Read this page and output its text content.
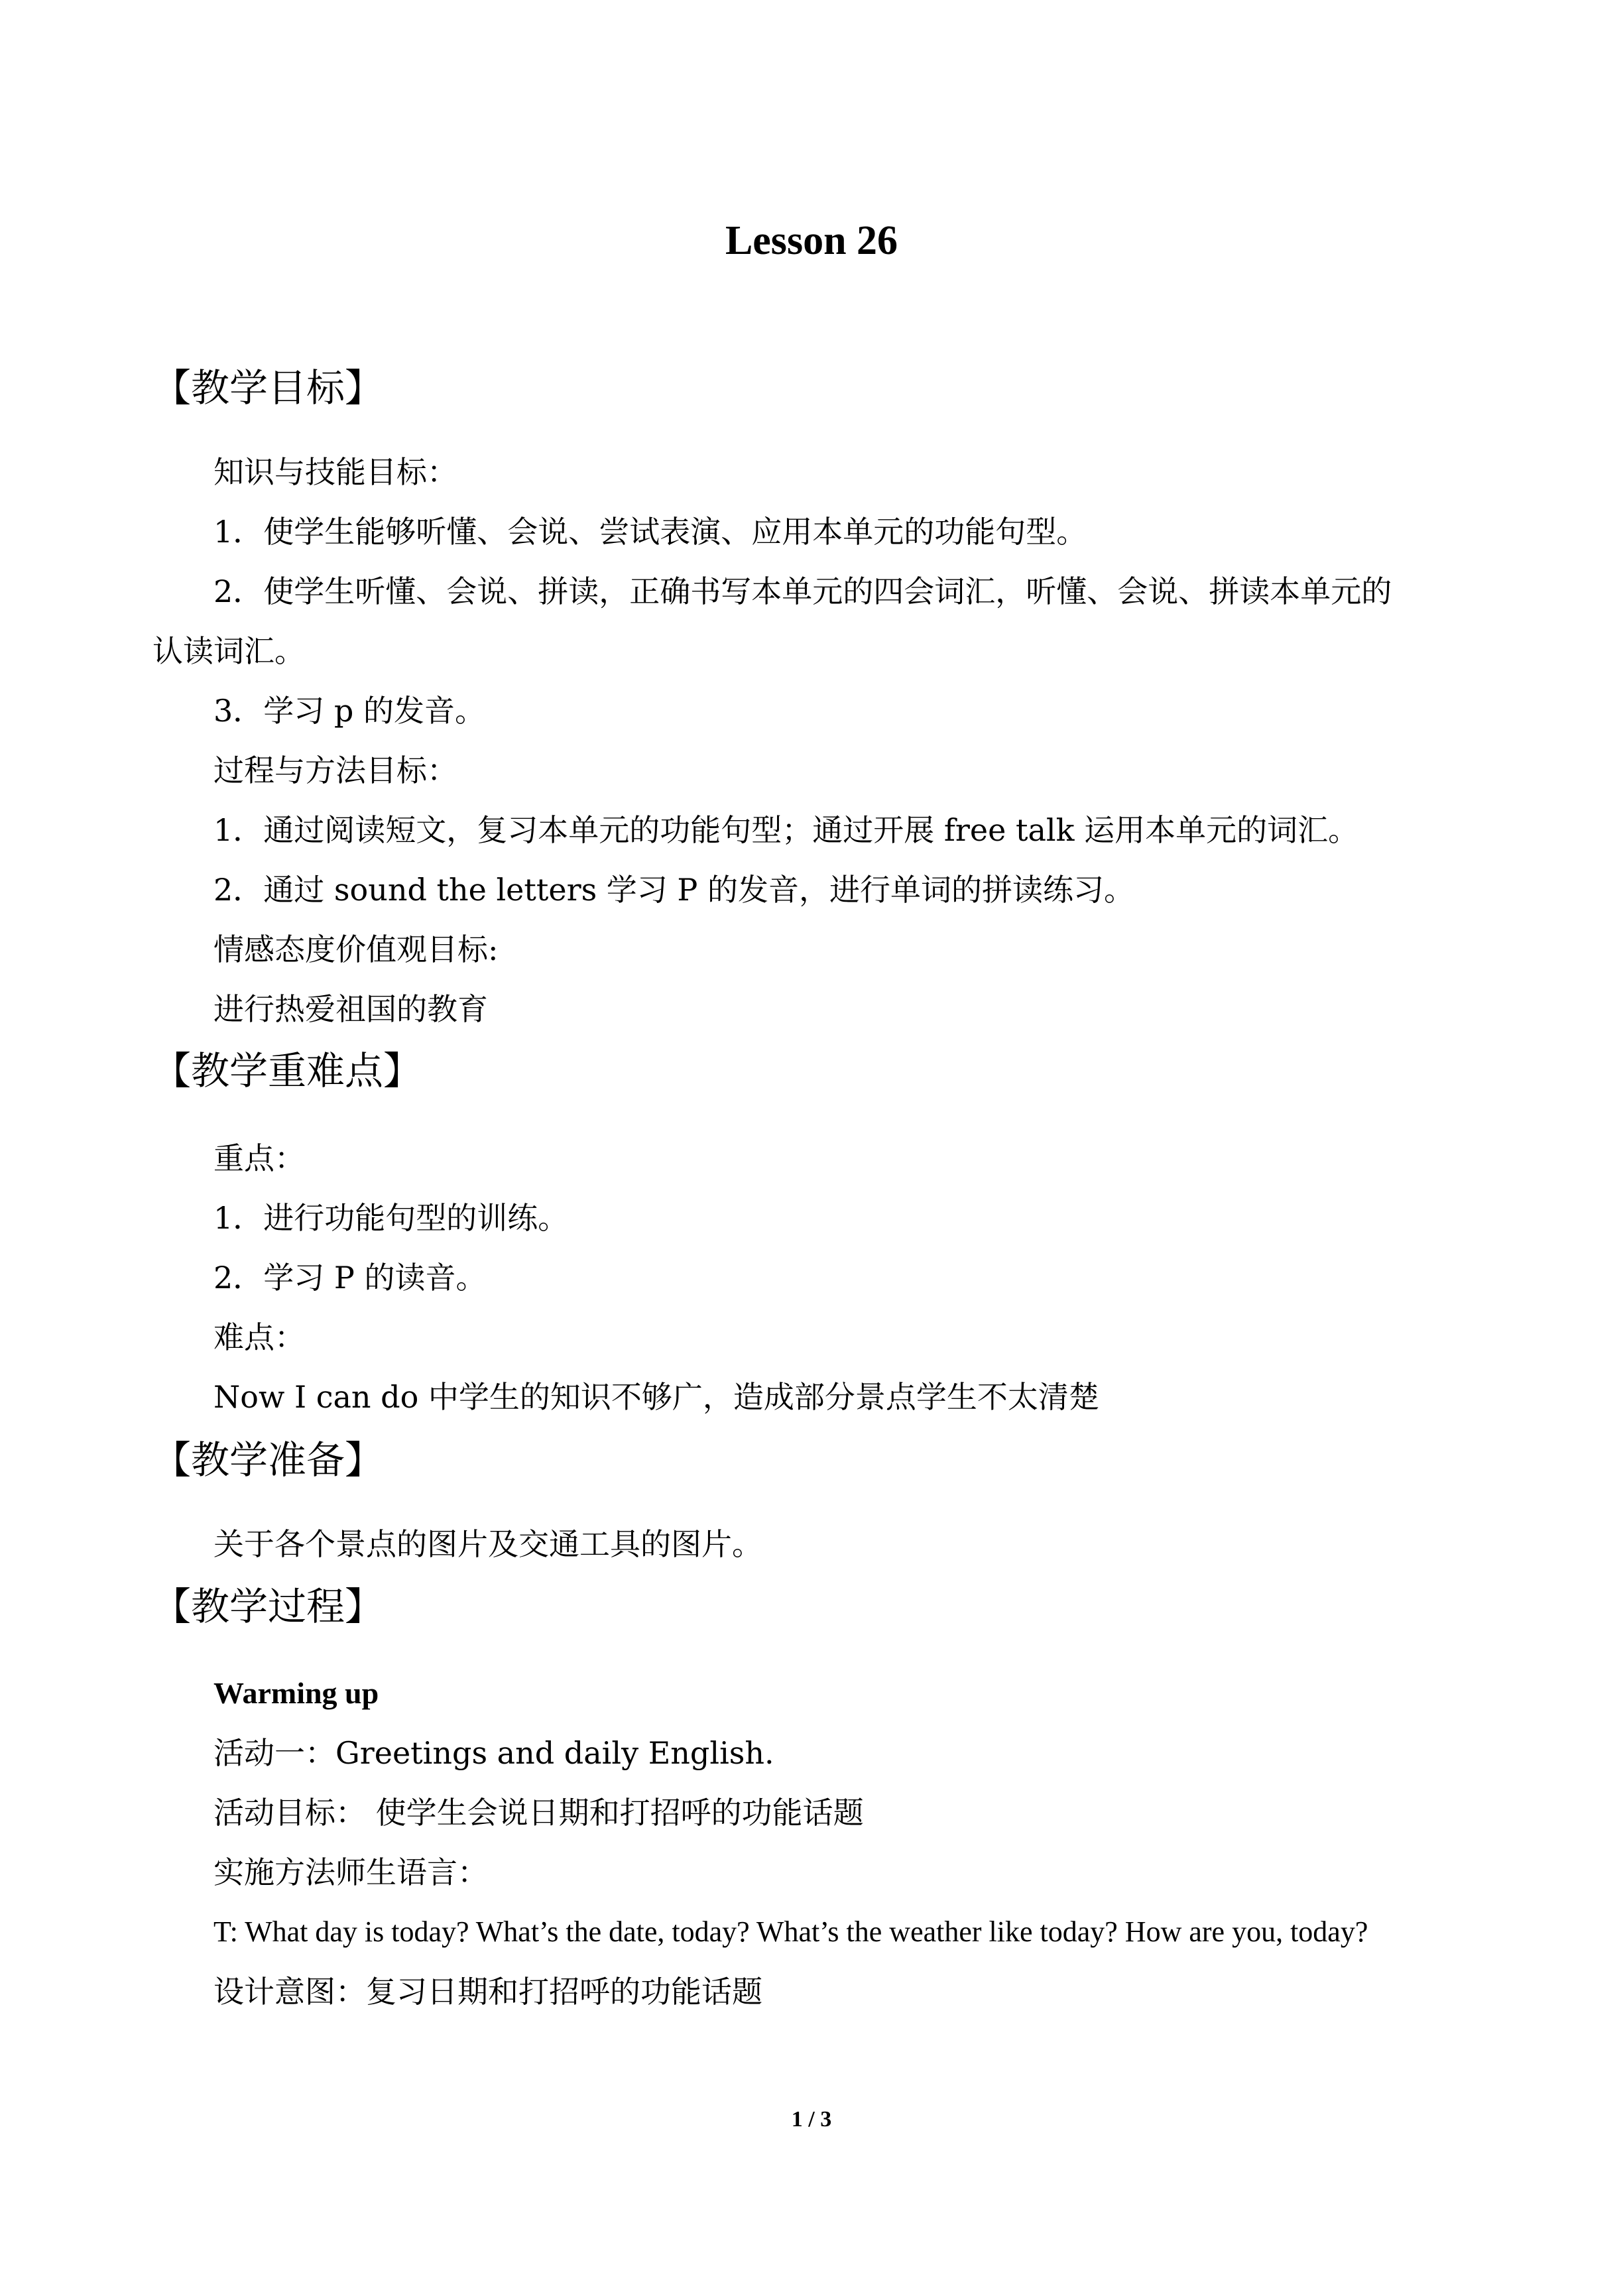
Lesson 26
【教学目标】
知识与技能目标：
1．使学生能够听懂、会说、尝试表演、应用本单元的功能句型。
2．使学生听懂、会说、拼读，正确书写本单元的四会词汇，听懂、会说、拼读本单元的
认读词汇。
3．学习 p 的发音。
过程与方法目标：
1．通过阅读短文，复习本单元的功能句型；通过开展 free talk 运用本单元的词汇。
2．通过 sound the letters 学习 P 的发音，进行单词的拼读练习。
情感态度价值观目标:
进行热爱祖国的教育
【教学重难点】
重点：
1．进行功能句型的训练。
2．学习 P 的读音。
难点：
Now I can do 中学生的知识不够广，造成部分景点学生不太清楚
【教学准备】
关于各个景点的图片及交通工具的图片。
【教学过程】
Warming up
活动一：Greetings and daily English.
活动目标： 使学生会说日期和打招呼的功能话题
实施方法师生语言：
T: What day is today? What’s the date, today? What’s the weather like today? How are you, today?
设计意图：复习日期和打招呼的功能话题
1 / 3
